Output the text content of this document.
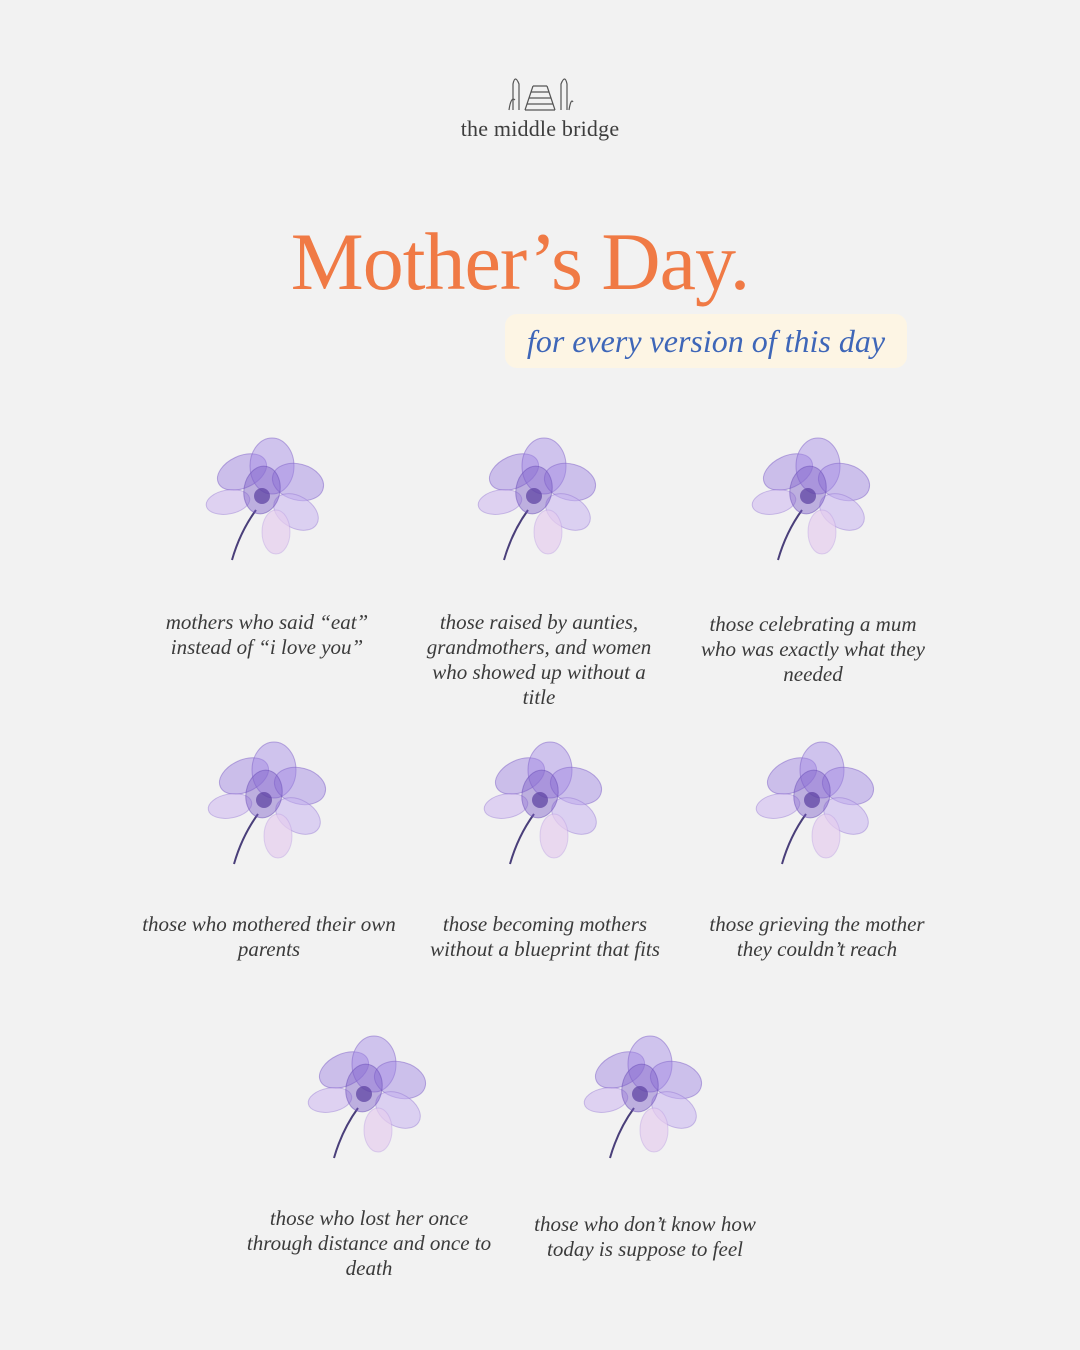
the middle bridge
Mother’s Day.
for every version of this day
mothers who said “eat” instead of “i love you”
those raised by aunties, grandmothers, and women who showed up without a title
those celebrating a mum who was exactly what they needed
those who mothered their own parents
those becoming mothers without a blueprint that fits
those grieving the mother they couldn’t reach
those who lost her once through distance and once to death
those who don’t know how today is suppose to feel
